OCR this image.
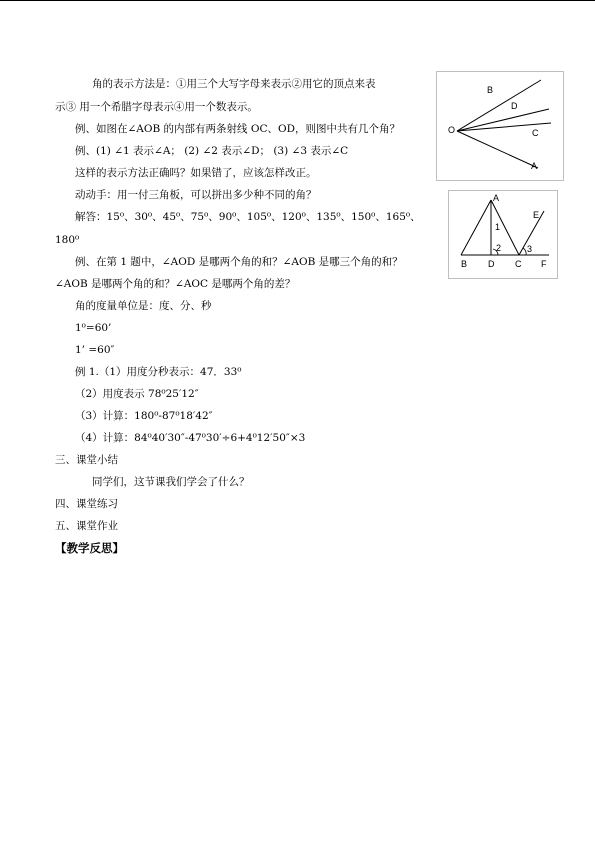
角的表示方法是：①用三个大写字母来表示②用它的顶点来表
示③ 用一个希腊字母表示④用一个数表示。
例、如图在∠AOB 的内部有两条射线 OC、OD，则图中共有几个角？
例、(1) ∠1 表示∠A； (2) ∠2 表示∠D； (3) ∠3 表示∠C
这样的表示方法正确吗？如果错了，应该怎样改正。
动动手：用一付三角板，可以拼出多少种不同的角？
解答：15⁰、30⁰、45⁰、75⁰、90⁰、105⁰、120⁰、135⁰、150⁰、165⁰、
180⁰
例、在第 1 题中，∠AOD 是哪两个角的和？∠AOB 是哪三个角的和？
∠AOB 是哪两个角的和？∠AOC 是哪两个角的差？
角的度量单位是：度、分、秒
1⁰=60’
1’ =60″
例 1.（1）用度分秒表示：47．33⁰
（2）用度表示 78⁰25′12″
（3）计算：180⁰-87⁰18′42″
（4）计算：84⁰40′30″-47⁰30′÷6+4⁰12′50″×3
三、课堂小结
同学们，这节课我们学会了什么？
四、课堂练习
五、课堂作业
【教学反思】
B
D
O	C
A
A
E
1
2	3
B D C F
